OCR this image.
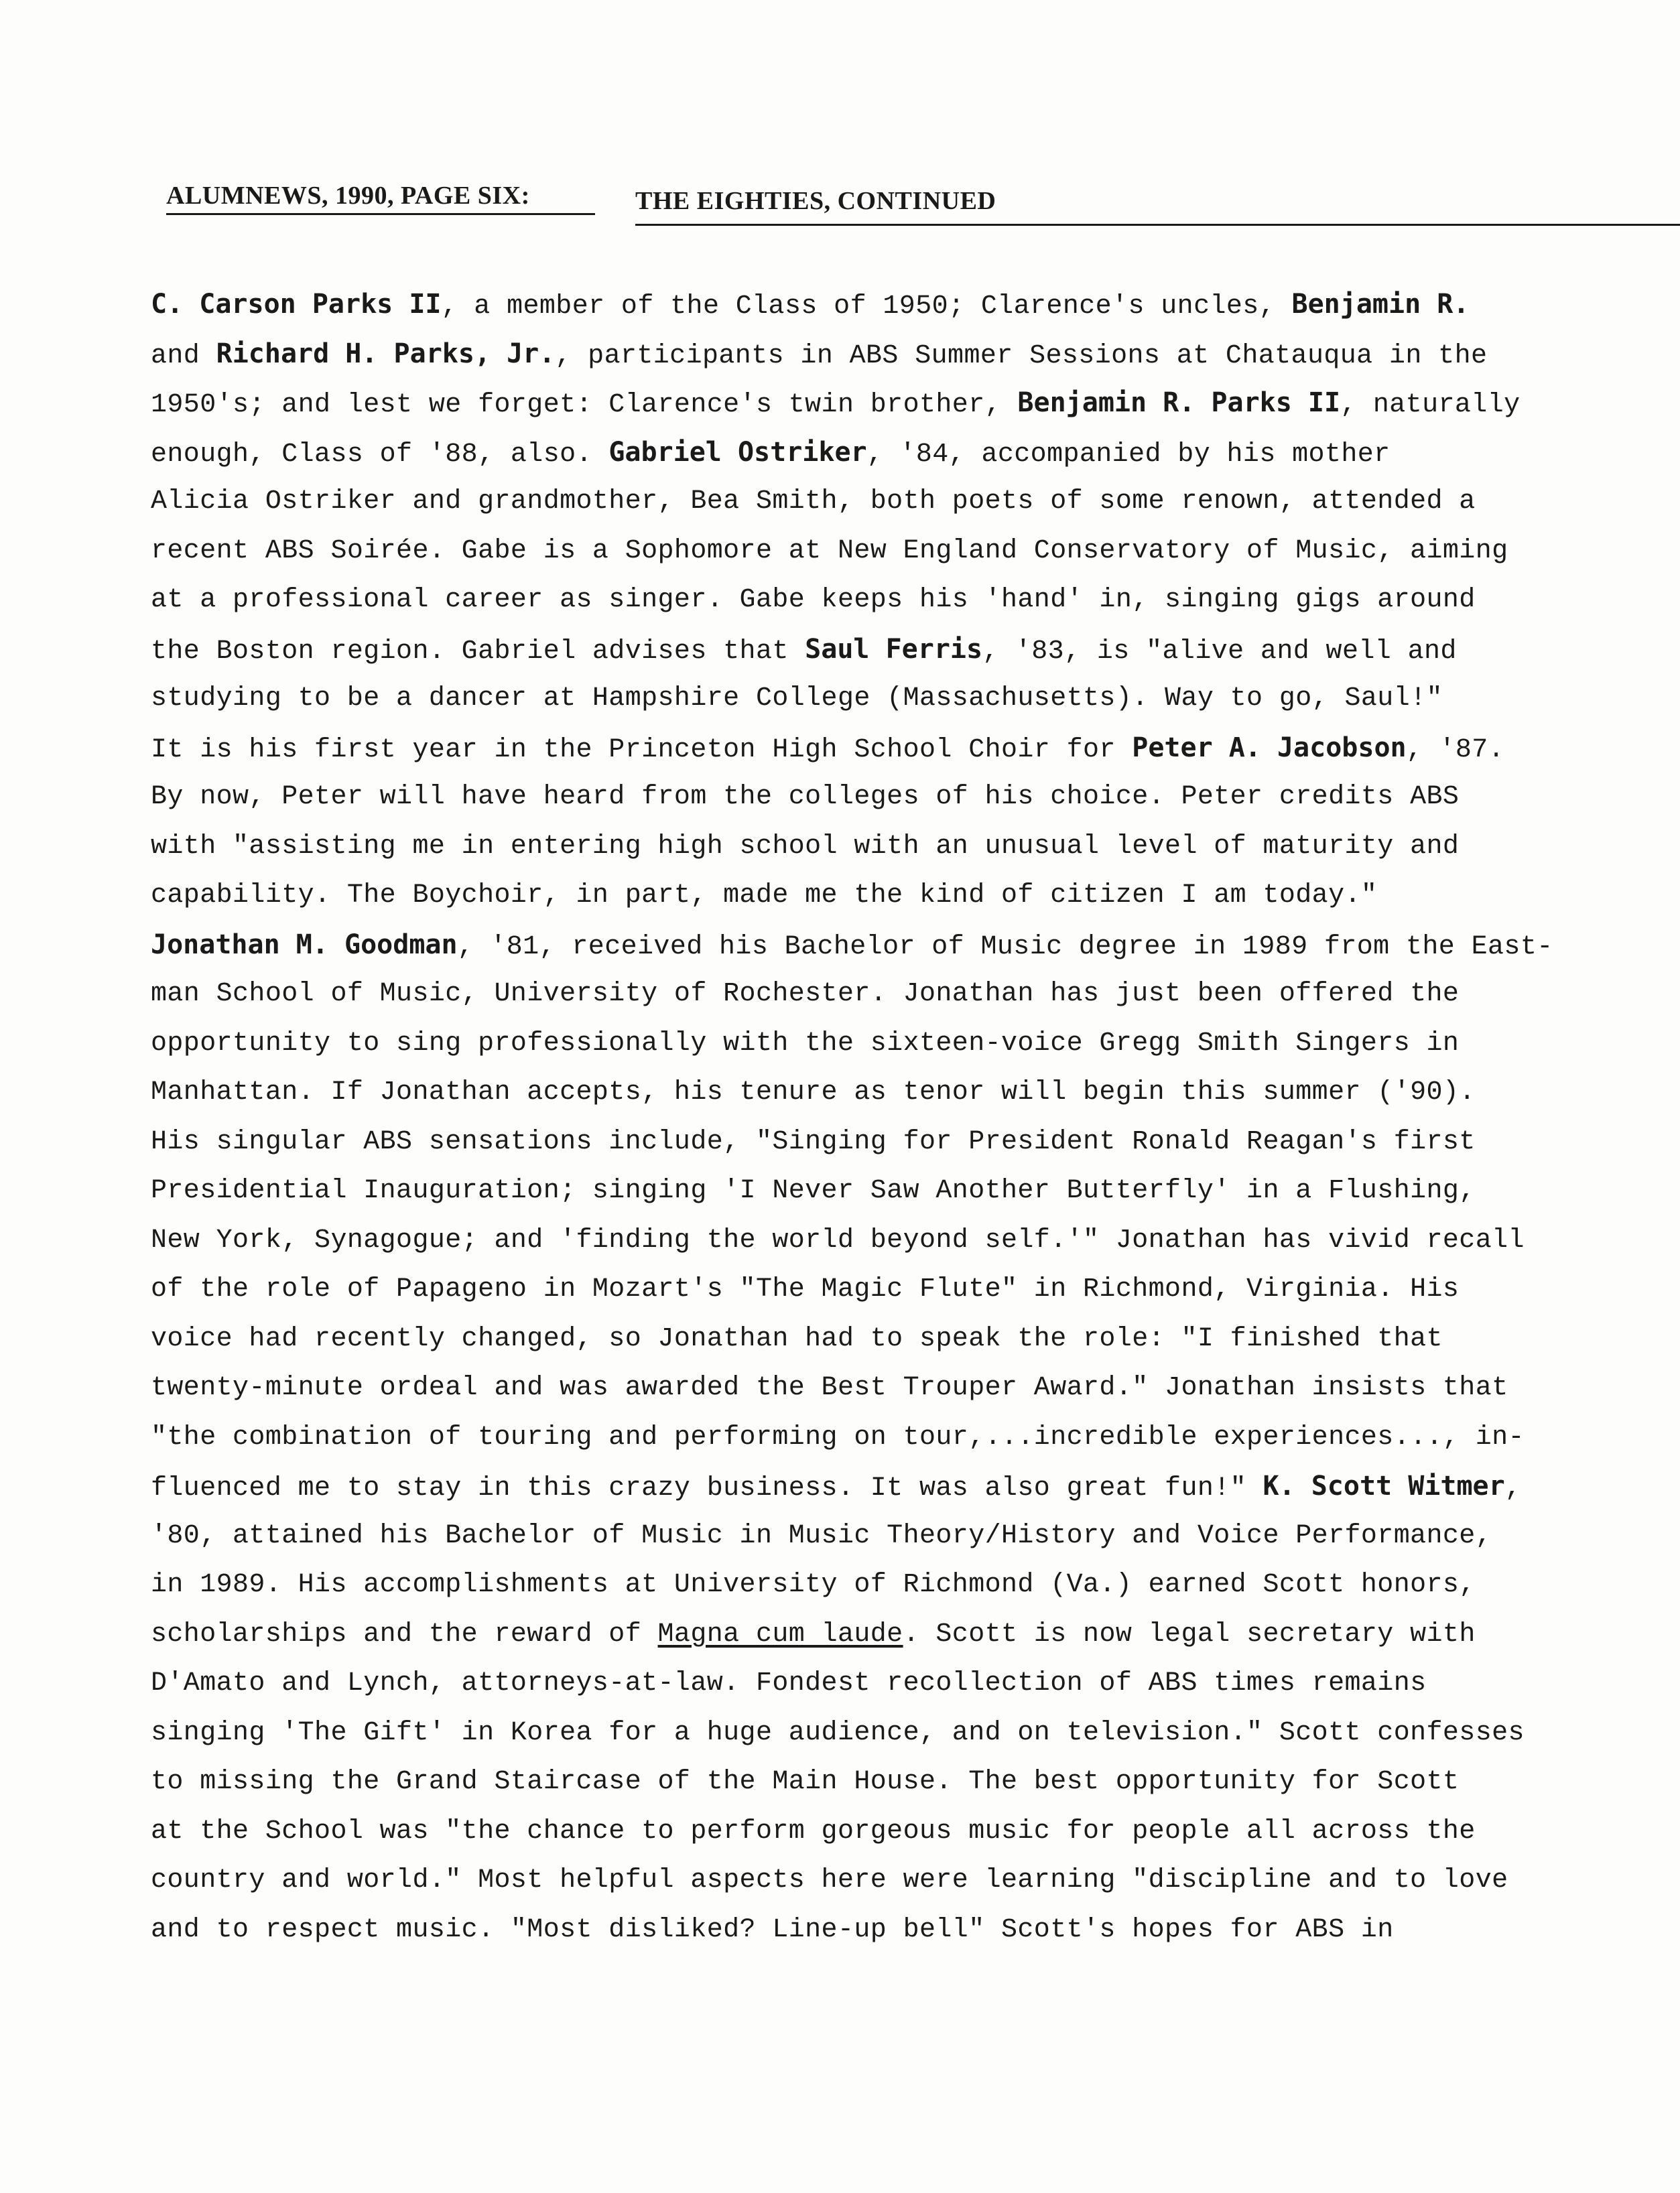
ALUMNEWS, 1990, PAGE SIX:	THE EIGHTIES, CONTINUED
C. Carson Parks II, a member of the Class of 1950; Clarence's uncles, Benjamin R.
and Richard H. Parks, Jr., participants in ABS Summer Sessions at Chatauqua in the
1950's; and lest we forget: Clarence's twin brother, Benjamin R. Parks II, naturally
enough, Class of '88, also. Gabriel Ostriker, '84, accompanied by his mother
Alicia Ostriker and grandmother, Bea Smith, both poets of some renown, attended a
recent ABS Soirée. Gabe is a Sophomore at New England Conservatory of Music, aiming
at a professional career as singer. Gabe keeps his 'hand' in, singing gigs around
the Boston region. Gabriel advises that Saul Ferris, '83, is "alive and well and
studying to be a dancer at Hampshire College (Massachusetts). Way to go, Saul!"
It is his first year in the Princeton High School Choir for Peter A. Jacobson, '87.
By now, Peter will have heard from the colleges of his choice. Peter credits ABS
with "assisting me in entering high school with an unusual level of maturity and
capability. The Boychoir, in part, made me the kind of citizen I am today."
Jonathan M. Goodman, '81, received his Bachelor of Music degree in 1989 from the East-
man School of Music, University of Rochester. Jonathan has just been offered the
opportunity to sing professionally with the sixteen-voice Gregg Smith Singers in
Manhattan. If Jonathan accepts, his tenure as tenor will begin this summer ('90).
His singular ABS sensations include, "Singing for President Ronald Reagan's first
Presidential Inauguration; singing 'I Never Saw Another Butterfly' in a Flushing,
New York, Synagogue; and 'finding the world beyond self.'" Jonathan has vivid recall
of the role of Papageno in Mozart's "The Magic Flute" in Richmond, Virginia. His
voice had recently changed, so Jonathan had to speak the role: "I finished that
twenty-minute ordeal and was awarded the Best Trouper Award." Jonathan insists that
"the combination of touring and performing on tour,...incredible experiences..., in-
fluenced me to stay in this crazy business. It was also great fun!" K. Scott Witmer,
'80, attained his Bachelor of Music in Music Theory/History and Voice Performance,
in 1989. His accomplishments at University of Richmond (Va.) earned Scott honors,
scholarships and the reward of Magna cum laude. Scott is now legal secretary with
D'Amato and Lynch, attorneys-at-law. Fondest recollection of ABS times remains
singing 'The Gift' in Korea for a huge audience, and on television." Scott confesses
to missing the Grand Staircase of the Main House. The best opportunity for Scott
at the School was "the chance to perform gorgeous music for people all across the
country and world." Most helpful aspects here were learning "discipline and to love
and to respect music. "Most disliked? Line-up bell" Scott's hopes for ABS in
